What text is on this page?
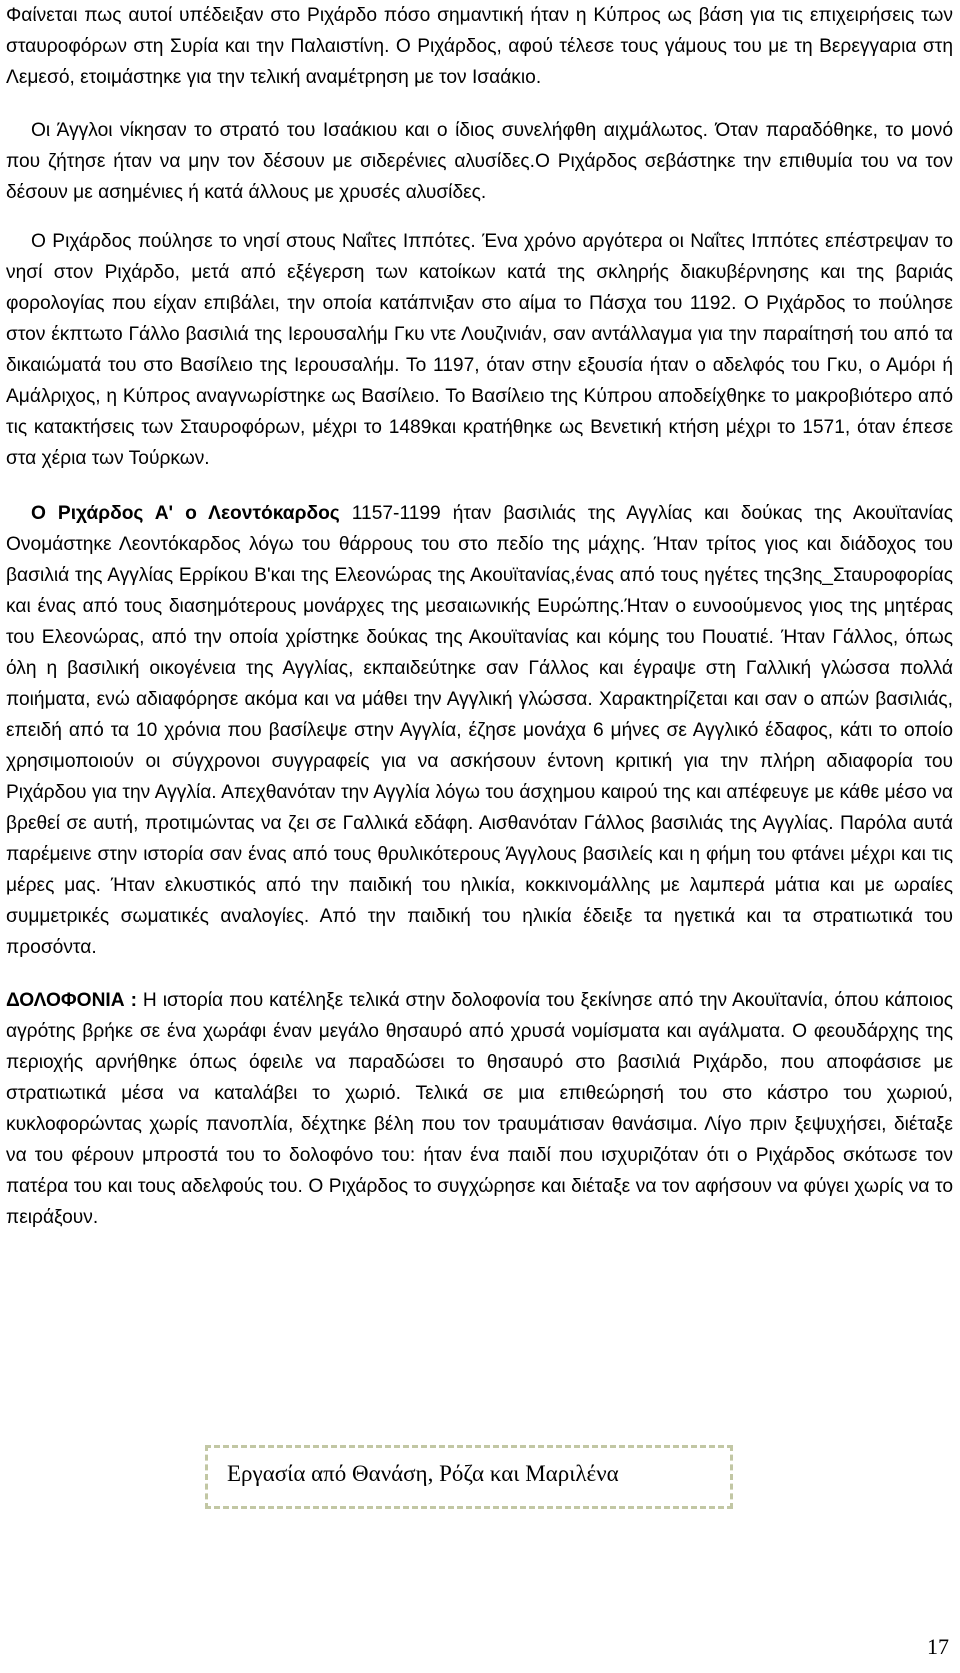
Φαίνεται πως αυτοί υπέδειξαν στο Ριχάρδο πόσο σημαντική ήταν η Κύπρος ως βάση για τις επιχειρήσεις των σταυροφόρων στη Συρία και την Παλαιστίνη. Ο Ριχάρδος, αφού τέλεσε τους γάμους του με τη Βερεγγαρια στη Λεμεσό, ετοιμάστηκε για την τελική αναμέτρηση με τον Ισαάκιο.

Οι Άγγλοι νίκησαν το στρατό του Ισαάκιου και ο ίδιος συνελήφθη αιχμάλωτος. Όταν παραδόθηκε, το μονό που ζήτησε ήταν να μην τον δέσουν με σιδερένιες αλυσίδες.Ο Ριχάρδος σεβάστηκε την επιθυμία του να τον δέσουν με ασημένιες ή κατά άλλους με χρυσές αλυσίδες.

Ο Ριχάρδος πούλησε το νησί στους Ναΐτες Ιππότες. Ένα χρόνο αργότερα οι Ναΐτες Ιππότες επέστρεψαν το νησί στον Ριχάρδο, μετά από εξέγερση των κατοίκων κατά της σκληρής διακυβέρνησης και της βαριάς φορολογίας που είχαν επιβάλει, την οποία κατάπνιξαν στο αίμα το Πάσχα του 1192. Ο Ριχάρδος το πούλησε στον έκπτωτο Γάλλο βασιλιά της Ιερουσαλήμ Γκυ ντε Λουζινιάν, σαν αντάλλαγμα για την παραίτησή του από τα δικαιώματά του στο Βασίλειο της Ιερουσαλήμ. Το 1197, όταν στην εξουσία ήταν ο αδελφός του Γκυ, ο Αμόρι ή Αμάλριχος, η Κύπρος αναγνωρίστηκε ως Βασίλειο. Το Βασίλειο της Κύπρου αποδείχθηκε το μακροβιότερο από τις κατακτήσεις των Σταυροφόρων, μέχρι το 1489και κρατήθηκε ως Βενετική κτήση μέχρι το 1571, όταν έπεσε στα χέρια των Τούρκων.

Ο Ριχάρδος Α' ο Λεοντόκαρδος 1157-1199 ήταν βασιλιάς της Αγγλίας και δούκας της Ακουϊτανίας Ονομάστηκε Λεοντόκαρδος λόγω του θάρρους του στο πεδίο της μάχης. Ήταν τρίτος γιος και διάδοχος του βασιλιά της Αγγλίας Ερρίκου Β'και της Ελεονώρας της Ακουϊτανίας,ένας από τους ηγέτες της3ης_Σταυροφορίας και ένας από τους διασημότερους μονάρχες της μεσαιωνικής Ευρώπης.Ήταν ο ευνοούμενος γιος της μητέρας του Ελεονώρας, από την οποία χρίστηκε δούκας της Ακουϊτανίας και κόμης του Πουατιέ. Ήταν Γάλλος, όπως όλη η βασιλική οικογένεια της Αγγλίας, εκπαιδεύτηκε σαν Γάλλος και έγραψε στη Γαλλική γλώσσα πολλά ποιήματα, ενώ αδιαφόρησε ακόμα και να μάθει την Αγγλική γλώσσα. Χαρακτηρίζεται και σαν ο απών βασιλιάς, επειδή από τα 10 χρόνια που βασίλεψε στην Αγγλία, έζησε μονάχα 6 μήνες σε Αγγλικό έδαφος, κάτι το οποίο χρησιμοποιούν οι σύγχρονοι συγγραφείς για να ασκήσουν έντονη κριτική για την πλήρη αδιαφορία του Ριχάρδου για την Αγγλία. Απεχθανόταν την Αγγλία λόγω του άσχημου καιρού της και απέφευγε με κάθε μέσο να βρεθεί σε αυτή, προτιμώντας να ζει σε Γαλλικά εδάφη. Αισθανόταν Γάλλος βασιλιάς της Αγγλίας. Παρόλα αυτά παρέμεινε στην ιστορία σαν ένας από τους θρυλικότερους Άγγλους βασιλείς και η φήμη του φτάνει μέχρι και τις μέρες μας. Ήταν ελκυστικός από την παιδική του ηλικία, κοκκινομάλλης με λαμπερά μάτια και με ωραίες συμμετρικές σωματικές αναλογίες. Από την παιδική του ηλικία έδειξε τα ηγετικά και τα στρατιωτικά του προσόντα.

ΔΟΛΟΦΟΝΙΑ : Η ιστορία που κατέληξε τελικά στην δολοφονία του ξεκίνησε από την Ακουϊτανία, όπου κάποιος αγρότης βρήκε σε ένα χωράφι έναν μεγάλο θησαυρό από χρυσά νομίσματα και αγάλματα. Ο φεουδάρχης της περιοχής αρνήθηκε όπως όφειλε να παραδώσει το θησαυρό στο βασιλιά Ριχάρδο, που αποφάσισε με στρατιωτικά μέσα να καταλάβει το χωριό. Τελικά σε μια επιθεώρησή του στο κάστρο του χωριού, κυκλοφορώντας χωρίς πανοπλία, δέχτηκε βέλη που τον τραυμάτισαν θανάσιμα. Λίγο πριν ξεψυχήσει, διέταξε να του φέρουν μπροστά του το δολοφόνο του: ήταν ένα παιδί που ισχυριζόταν ότι ο Ριχάρδος σκότωσε τον πατέρα του και τους αδελφούς του. Ο Ριχάρδος το συγχώρησε και διέταξε να τον αφήσουν να φύγει χωρίς να το πειράξουν.

Εργασία από Θανάση, Ρόζα και Μαριλένα
17
